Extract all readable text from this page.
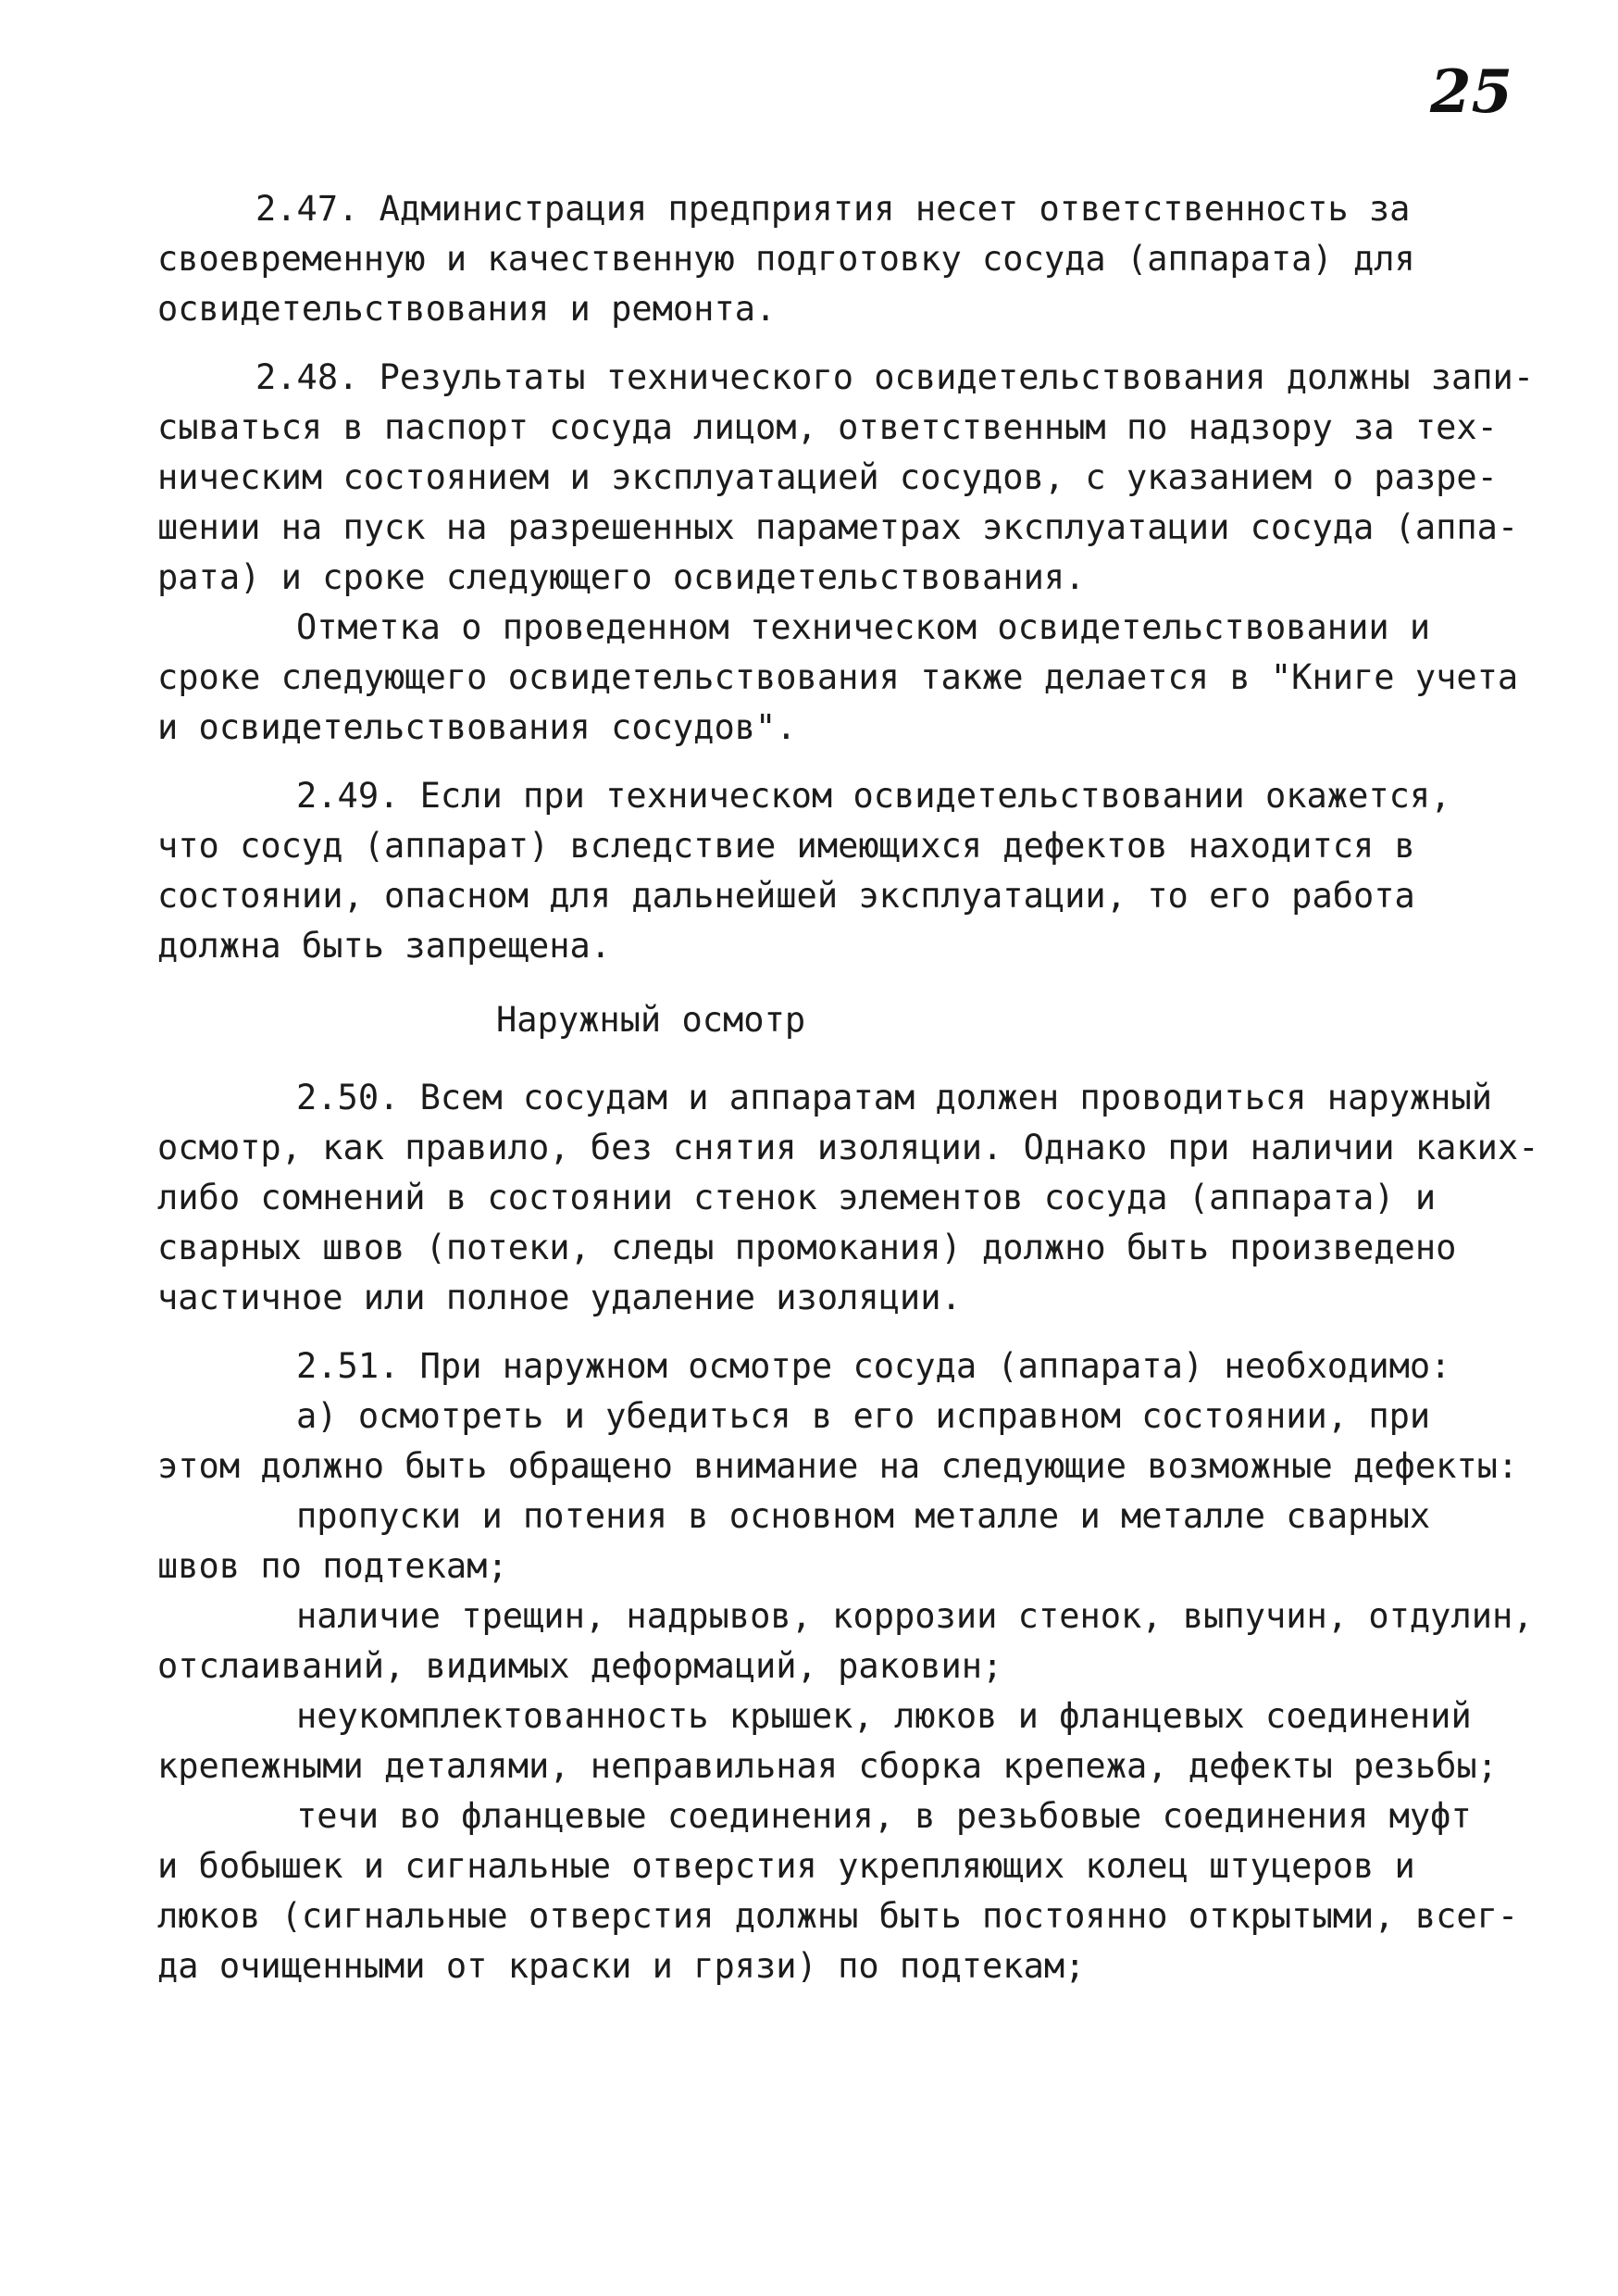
25
2.47. Администрация предприятия несет ответственность за
своевременную и качественную подготовку сосуда (аппарата) для
освидетельствования и ремонта.
2.48. Результаты технического освидетельствования должны запи-
сываться в паспорт сосуда лицом, ответственным по надзору за тех-
ническим состоянием и эксплуатацией сосудов, с указанием о разре-
шении на пуск на разрешенных параметрах эксплуатации сосуда (аппа-
рата) и сроке следующего освидетельствования.
Отметка о проведенном техническом освидетельствовании и
сроке следующего освидетельствования также делается в "Книге учета
и освидетельствования сосудов".
2.49. Если при техническом освидетельствовании окажется,
что сосуд (аппарат) вследствие имеющихся дефектов находится в
состоянии, опасном для дальнейшей эксплуатации, то его работа
должна быть запрещена.
Наружный осмотр
2.50. Всем сосудам и аппаратам должен проводиться наружный
осмотр, как правило, без снятия изоляции. Однако при наличии каких-
либо сомнений в состоянии стенок элементов сосуда (аппарата) и
сварных швов (потеки, следы промокания) должно быть произведено
частичное или полное удаление изоляции.
2.51. При наружном осмотре сосуда (аппарата) необходимо:
а) осмотреть и убедиться в его исправном состоянии, при
этом должно быть обращено внимание на следующие возможные дефекты:
пропуски и потения в основном металле и металле сварных
швов по подтекам;
наличие трещин, надрывов, коррозии стенок, выпучин, отдулин,
отслаиваний, видимых деформаций, раковин;
неукомплектованность крышек, люков и фланцевых соединений
крепежными деталями, неправильная сборка крепежа, дефекты резьбы;
течи во фланцевые соединения, в резьбовые соединения муфт
и бобышек и сигнальные отверстия укрепляющих колец штуцеров и
люков (сигнальные отверстия должны быть постоянно открытыми, всег-
да очищенными от краски и грязи) по подтекам;
